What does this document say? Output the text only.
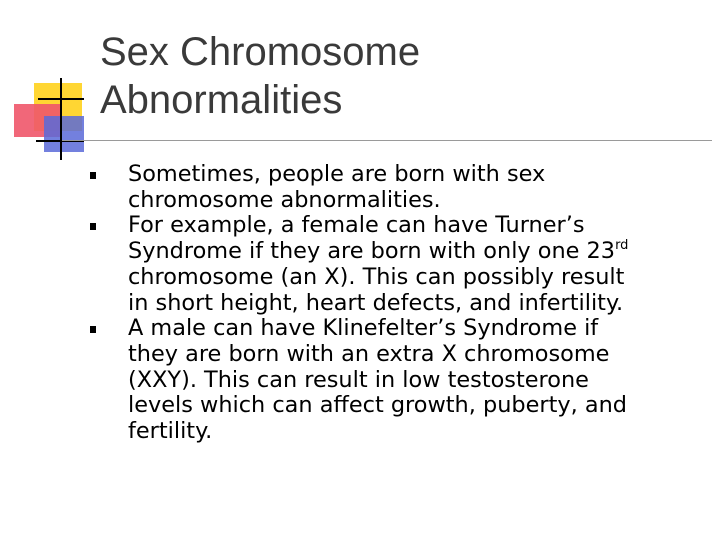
Sex Chromosome
Abnormalities
Sometimes, people are born with sex
chromosome abnormalities.
For example, a female can have Turner’s
Syndrome if they are born with only one 23rd
chromosome (an X). This can possibly result
in short height, heart defects, and infertility.
A male can have Klinefelter’s Syndrome if
they are born with an extra X chromosome
(XXY). This can result in low testosterone
levels which can affect growth, puberty, and
fertility.
